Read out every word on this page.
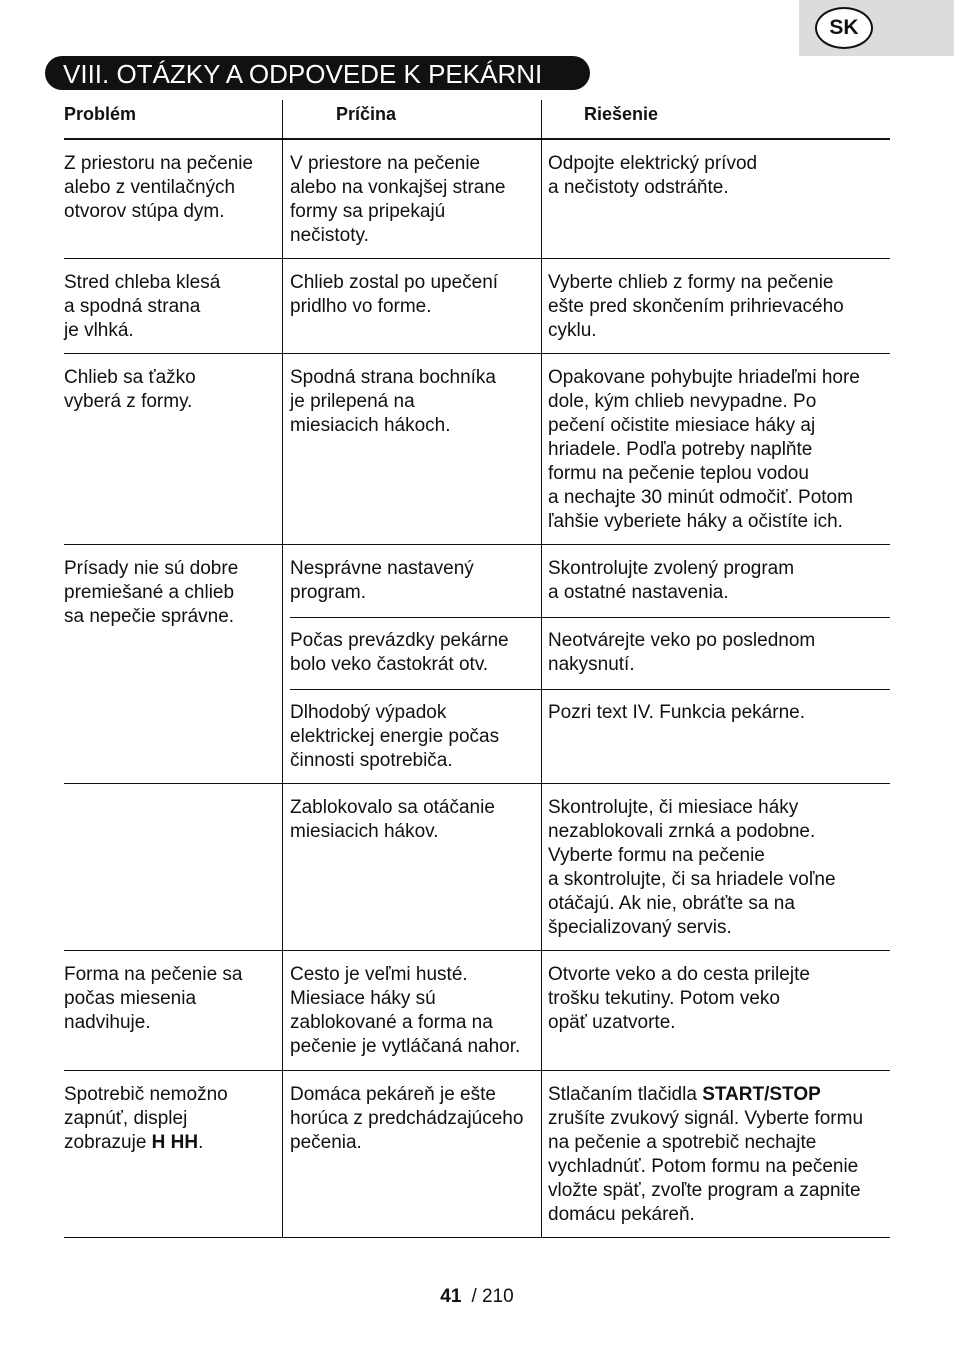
SK
VIII. OTÁZKY A ODPOVEDE K PEKÁRNI
Problém	Príčina	Riešenie
Z priestoru na pečenie
alebo z ventilačných
otvorov stúpa dym.
V priestore na pečenie
alebo na vonkajšej strane
formy sa pripekajú
nečistoty.
Odpojte elektrický prívod
a nečistoty odstráňte.
Stred chleba klesá
a spodná strana
je vlhká.
Chlieb zostal po upečení
pridlho vo forme.
Vyberte chlieb z formy na pečenie
ešte pred skončením prihrievacého
cyklu.
Chlieb sa ťažko
vyberá z formy.
Spodná strana bochníka
je prilepená na
miesiacich hákoch.
Opakovane pohybujte hriadeľmi hore
dole, kým chlieb nevypadne. Po
pečení očistite miesiace háky aj
hriadele. Podľa potreby naplňte
formu na pečenie teplou vodou
a nechajte 30 minút odmočiť. Potom
ľahšie vyberiete háky a očistíte ich.
Prísady nie sú dobre
premiešané a chlieb
sa nepečie správne.
Nesprávne nastavený
program.
Skontrolujte zvolený program
a ostatné nastavenia.
Počas prevázdky pekárne
bolo veko častokrát otv.
Neotvárejte veko po poslednom
nakysnutí.
Dlhodobý výpadok
elektrickej energie počas
činnosti spotrebiča.
Pozri text IV. Funkcia pekárne.
Zablokovalo sa otáčanie
miesiacich hákov.
Skontrolujte, či miesiace háky
nezablokovali zrnká a podobne.
Vyberte formu na pečenie
a skontrolujte, či sa hriadele voľne
otáčajú. Ak nie, obráťte sa na
špecializovaný servis.
Forma na pečenie sa
počas miesenia
nadvihuje.
Cesto je veľmi husté.
Miesiace háky sú
zablokované a forma na
pečenie je vytláčaná nahor.
Otvorte veko a do cesta prilejte
trošku tekutiny. Potom veko
opäť uzatvorte.
Spotrebič nemožno
zapnúť, displej
zobrazuje H HH.
Domáca pekáreň je ešte
horúca z predchádzajúceho
pečenia.
Stlačaním tlačidla START/STOP
zrušíte zvukový signál. Vyberte formu
na pečenie a spotrebič nechajte
vychladnúť. Potom formu na pečenie
vložte späť, zvoľte program a zapnite
domácu pekáreň.
41 / 210
